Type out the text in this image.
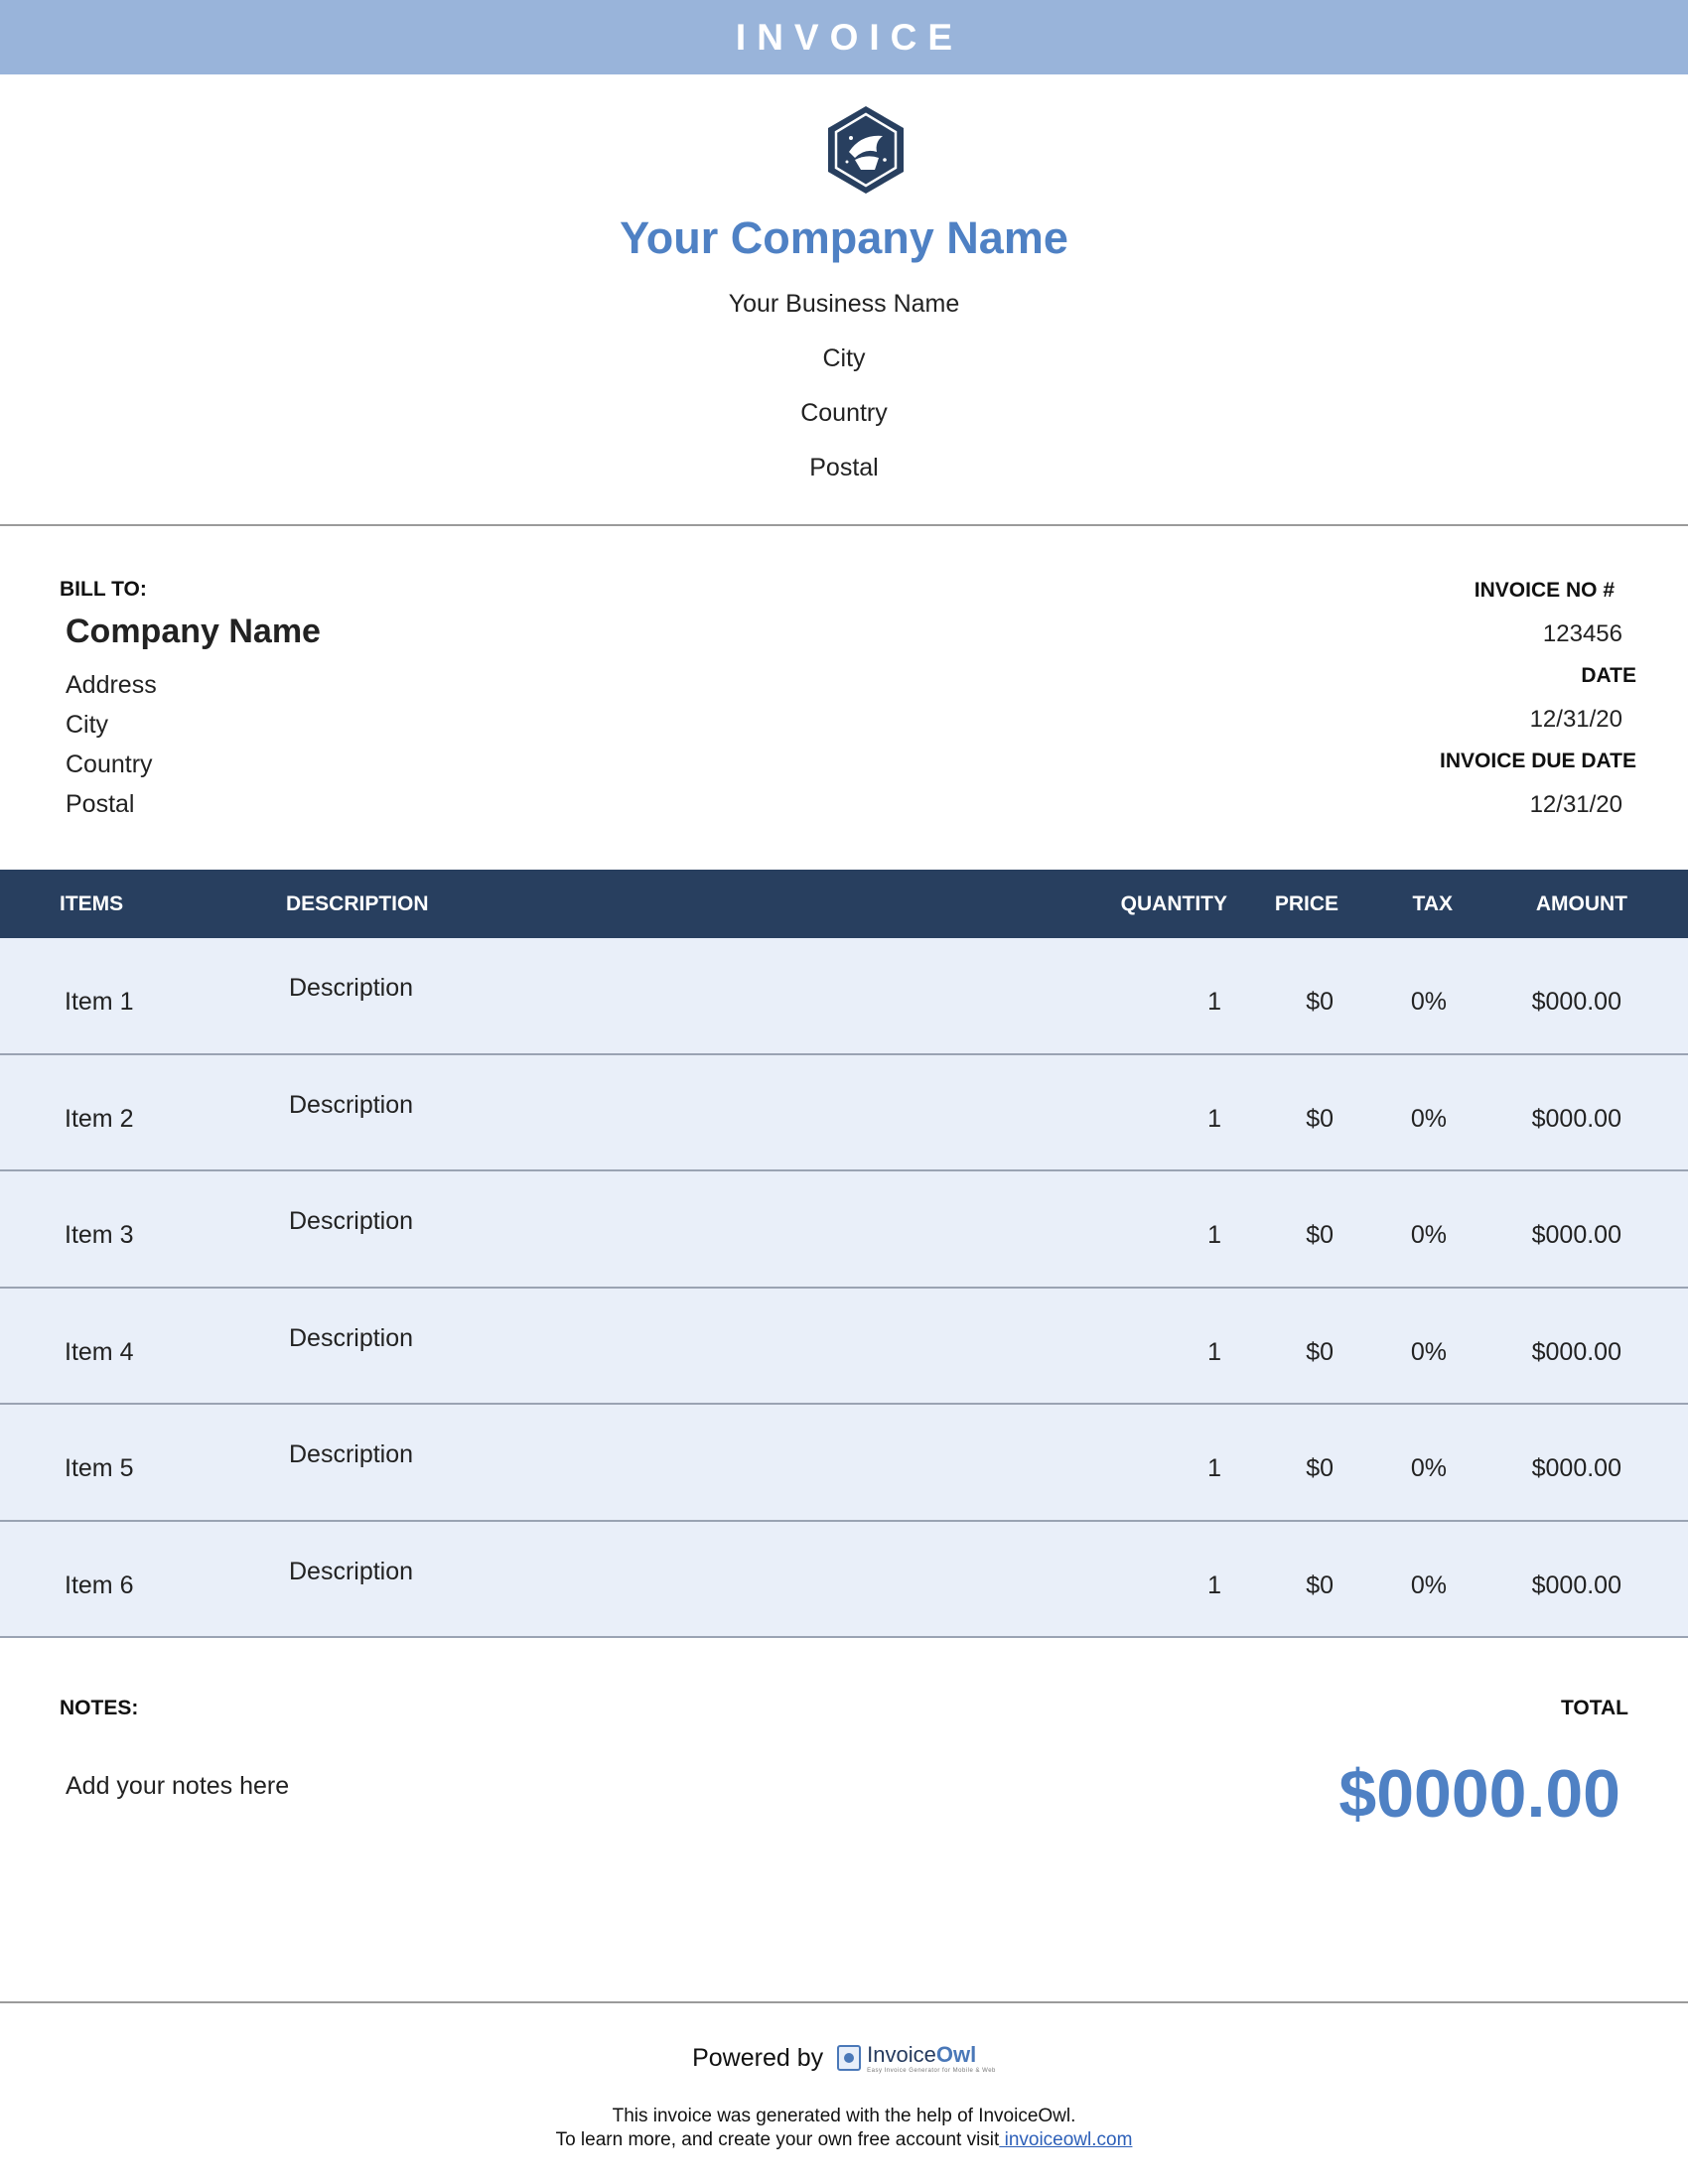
INVOICE
Your Company Name
Your Business Name
City
Country
Postal
BILL TO:
Company Name
Address
City
Country
Postal
INVOICE NO #
123456
DATE
12/31/20
INVOICE DUE DATE
12/31/20
ITEMS	DESCRIPTION	QUANTITY PRICE	TAX	AMOUNT
Item 1	Description	1	$0	0%	$000.00
Item 2	Description	1	$0	0%	$000.00
Item 3	Description	1	$0	0%	$000.00
Item 4	Description	1	$0	0%	$000.00
Item 5	Description	1	$0	0%	$000.00
Item 6	Description	1	$0	0%	$000.00
NOTES:
Add your notes here
TOTAL
$0000.00
Powered by InvoiceOwl
Easy Invoice Generator for Mobile & Web
This invoice was generated with the help of InvoiceOwl.
To learn more, and create your own free account visit invoiceowl.com
